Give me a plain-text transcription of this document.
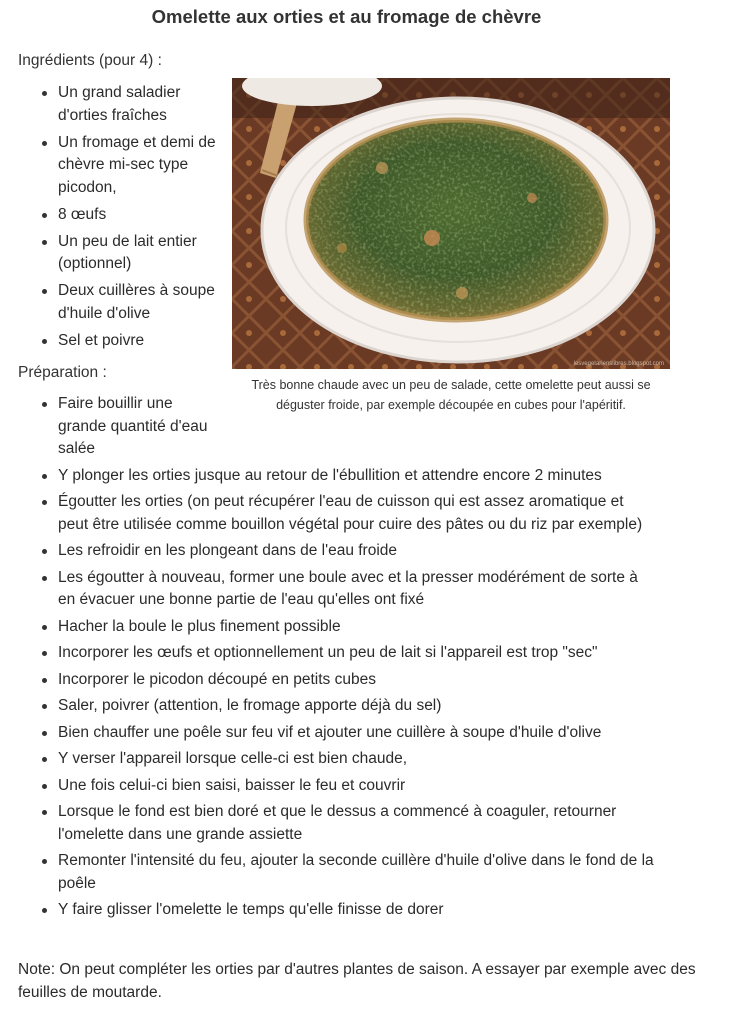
Omelette aux orties et au fromage de chèvre
Ingrédients (pour 4) :
Un grand saladier d'orties fraîches
Un fromage et demi de chèvre mi-sec type picodon,
8 œufs
Un peu de lait entier (optionnel)
Deux cuillères à soupe d'huile d'olive
Sel et poivre
lesvegetarienslibres.blogspot.com
Très bonne chaude avec un peu de salade, cette omelette peut aussi se
déguster froide, par exemple découpée en cubes pour l'apéritif.
Préparation :
Faire bouillir une grande quantité d'eau salée
Y plonger les orties jusque au retour de l'ébullition et attendre encore 2 minutes
Égoutter les orties (on peut récupérer l'eau de cuisson qui est assez aromatique et peut être utilisée comme bouillon végétal pour cuire des pâtes ou du riz par exemple)
Les refroidir en les plongeant dans de l'eau froide
Les égoutter à nouveau, former une boule avec et la presser modérément de sorte à en évacuer une bonne partie de l'eau qu'elles ont fixé
Hacher la boule le plus finement possible
Incorporer les œufs et optionnellement un peu de lait si l'appareil est trop "sec"
Incorporer le picodon découpé en petits cubes
Saler, poivrer (attention, le fromage apporte déjà du sel)
Bien chauffer une poêle sur feu vif et ajouter une cuillère à soupe d'huile d'olive
Y verser l'appareil lorsque celle-ci est bien chaude,
Une fois celui-ci bien saisi, baisser le feu et couvrir
Lorsque le fond est bien doré et que le dessus a commencé à coaguler, retourner l'omelette dans une grande assiette
Remonter l'intensité du feu, ajouter la seconde cuillère d'huile d'olive dans le fond de la poêle
Y faire glisser l'omelette le temps qu'elle finisse de dorer
Note: On peut compléter les orties par d'autres plantes de saison. A essayer par exemple avec des feuilles de moutarde.
